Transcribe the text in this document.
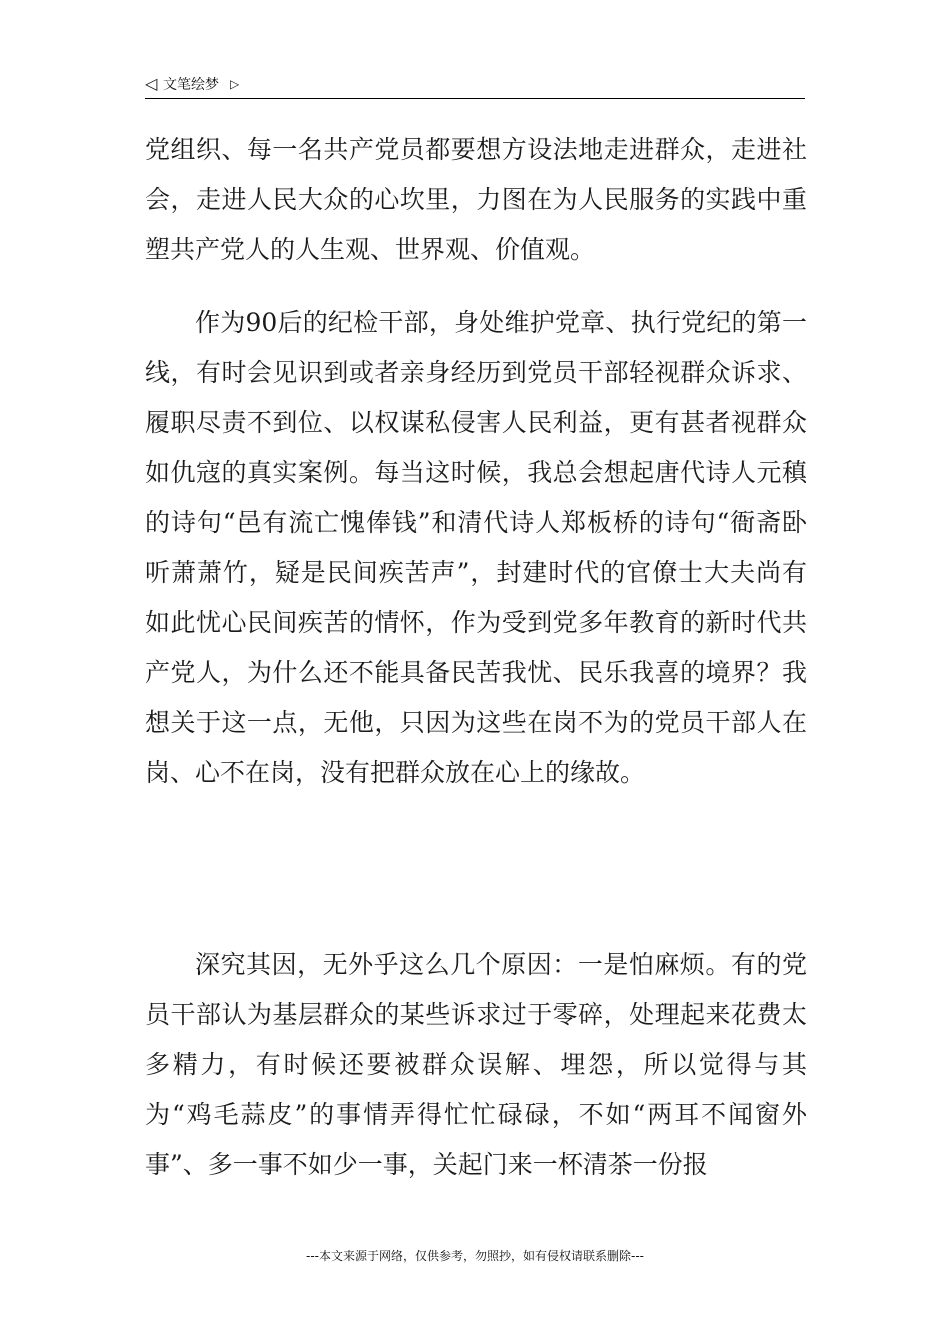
◁ 文笔绘梦 ▷

党组织、每一名共产党员都要想方设法地走进群众，走进社会，走进人民大众的心坎里，力图在为人民服务的实践中重塑共产党人的人生观、世界观、价值观。

作为90后的纪检干部，身处维护党章、执行党纪的第一线，有时会见识到或者亲身经历到党员干部轻视群众诉求、履职尽责不到位、以权谋私侵害人民利益，更有甚者视群众如仇寇的真实案例。每当这时候，我总会想起唐代诗人元稹的诗句“邑有流亡愧俸钱”和清代诗人郑板桥的诗句“衙斋卧听萧萧竹，疑是民间疾苦声”，封建时代的官僚士大夫尚有如此忧心民间疾苦的情怀，作为受到党多年教育的新时代共产党人，为什么还不能具备民苦我忧、民乐我喜的境界？我想关于这一点，无他，只因为这些在岗不为的党员干部人在岗、心不在岗，没有把群众放在心上的缘故。

深究其因，无外乎这么几个原因：一是怕麻烦。有的党员干部认为基层群众的某些诉求过于零碎，处理起来花费太多精力，有时候还要被群众误解、埋怨，所以觉得与其为“鸡毛蒜皮”的事情弄得忙忙碌碌，不如“两耳不闻窗外事”、多一事不如少一事，关起门来一杯清茶一份报

---本文来源于网络，仅供参考，勿照抄，如有侵权请联系删除---
